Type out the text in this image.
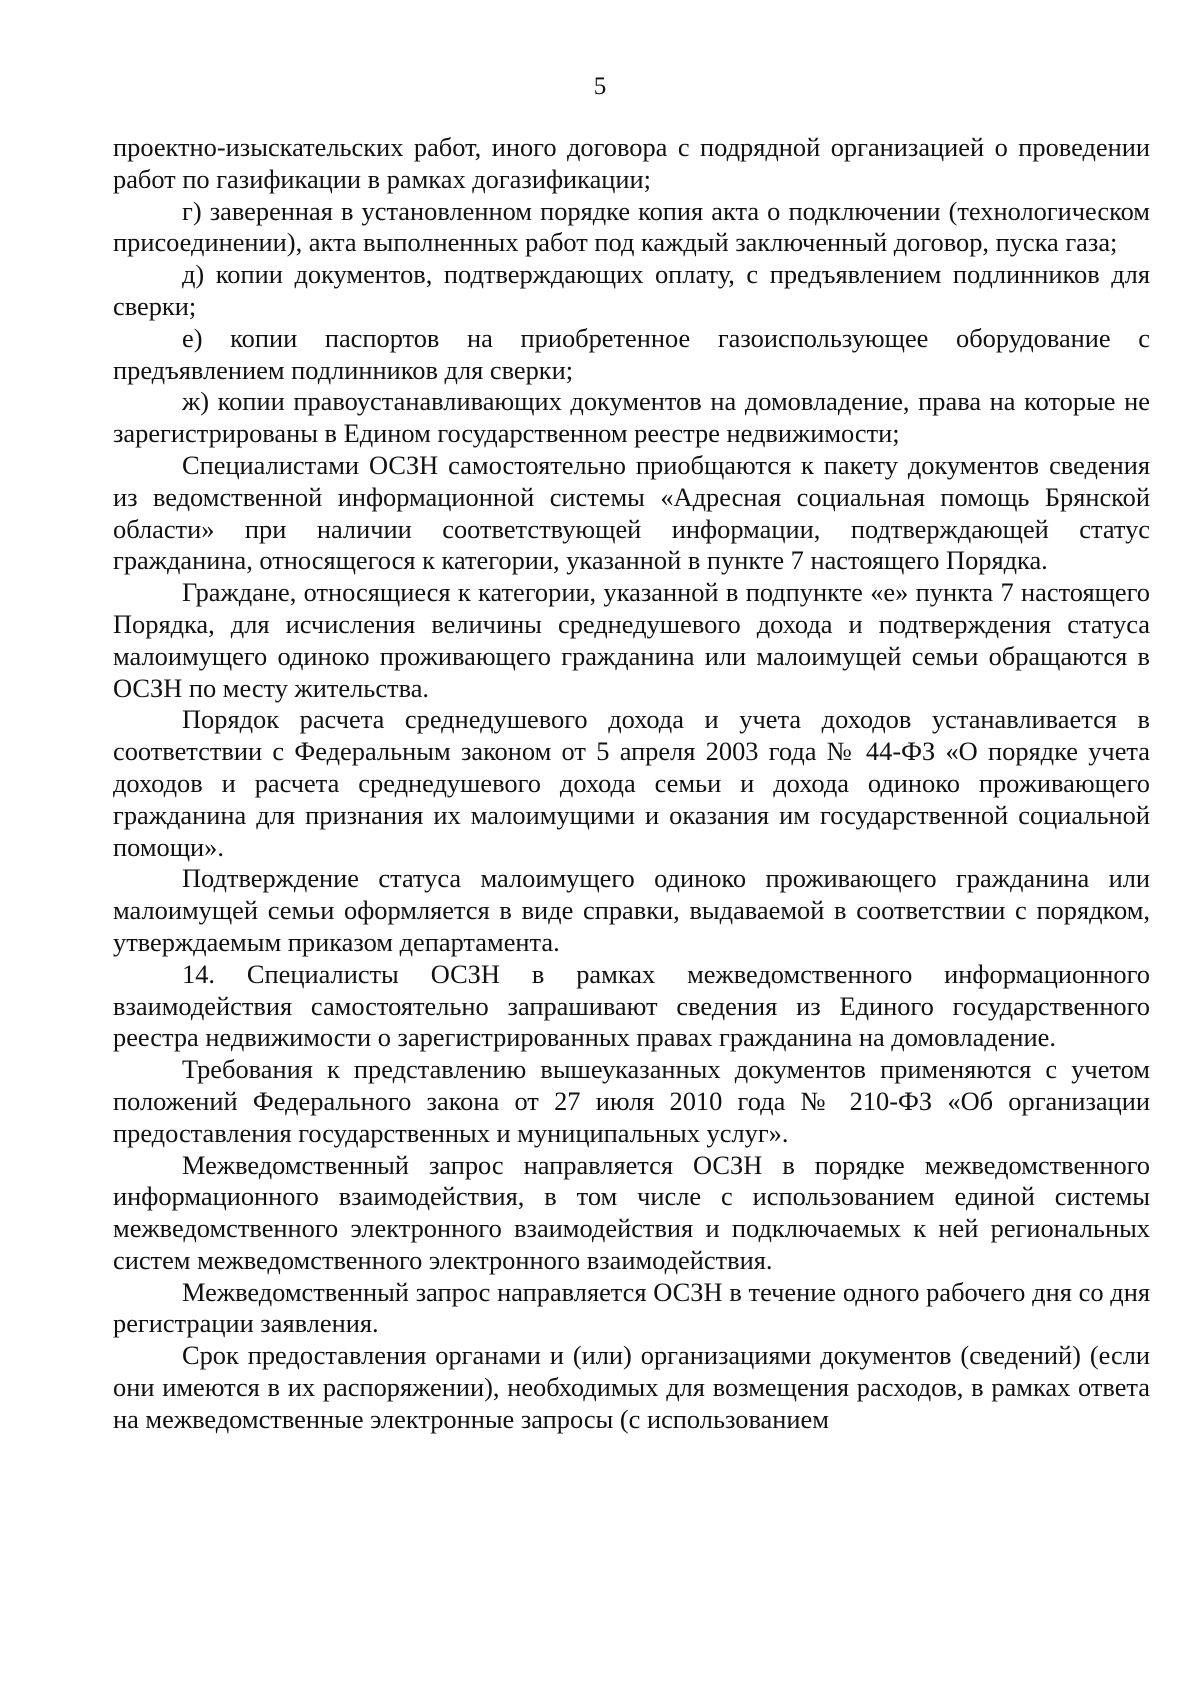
5

проектно-изыскательских работ, иного договора с подрядной организацией о проведении работ по газификации в рамках догазификации;

г) заверенная в установленном порядке копия акта о подключении (технологическом присоединении), акта выполненных работ под каждый заключенный договор, пуска газа;

д) копии документов, подтверждающих оплату, с предъявлением подлинников для сверки;

е) копии паспортов на приобретенное газоиспользующее оборудование с предъявлением подлинников для сверки;

ж) копии правоустанавливающих документов на домовладение, права на которые не зарегистрированы в Едином государственном реестре недвижимости;

Специалистами ОСЗН самостоятельно приобщаются к пакету документов сведения из ведомственной информационной системы «Адресная социальная помощь Брянской области» при наличии соответствующей информации, подтверждающей статус гражданина, относящегося к категории, указанной в пункте 7 настоящего Порядка.

Граждане, относящиеся к категории, указанной в подпункте «е» пункта 7 настоящего Порядка, для исчисления величины среднедушевого дохода и подтверждения статуса малоимущего одиноко проживающего гражданина или малоимущей семьи обращаются в ОСЗН по месту жительства.

Порядок расчета среднедушевого дохода и учета доходов устанавливается в соответствии с Федеральным законом от 5 апреля 2003 года № 44-ФЗ «О порядке учета доходов и расчета среднедушевого дохода семьи и дохода одиноко проживающего гражданина для признания их малоимущими и оказания им государственной социальной помощи».

Подтверждение статуса малоимущего одиноко проживающего гражданина или малоимущей семьи оформляется в виде справки, выдаваемой в соответствии с порядком, утверждаемым приказом департамента.

14. Специалисты ОСЗН в рамках межведомственного информационного взаимодействия самостоятельно запрашивают сведения из Единого государственного реестра недвижимости о зарегистрированных правах гражданина на домовладение.

Требования к представлению вышеуказанных документов применяются с учетом положений Федерального закона от 27 июля 2010 года № 210-ФЗ «Об организации предоставления государственных и муниципальных услуг».

Межведомственный запрос направляется ОСЗН в порядке межведомственного информационного взаимодействия, в том числе с использованием единой системы межведомственного электронного взаимодействия и подключаемых к ней региональных систем межведомственного электронного взаимодействия.

Межведомственный запрос направляется ОСЗН в течение одного рабочего дня со дня регистрации заявления.

Срок предоставления органами и (или) организациями документов (сведений) (если они имеются в их распоряжении), необходимых для возмещения расходов, в рамках ответа на межведомственные электронные запросы (с использованием
